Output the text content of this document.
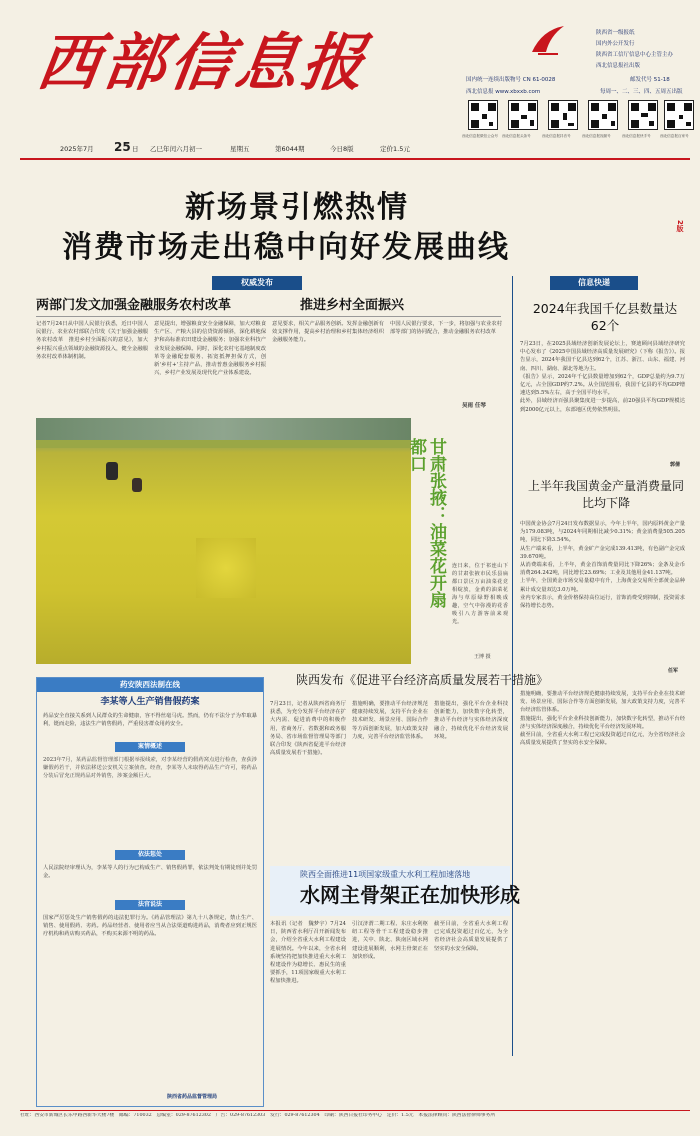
西部信息报	陕西省一级报纸
国内外公开发行
陕西省工信厅信息中心主管主办
西北信息报社出版
国内统一连续出版物号 CN 61-0028	邮发代号 51-18
西北信息报 www.xbxxb.com	每周一、二、三、四、五周五出版
2025年7月 25 日 乙巳年闰六月初一	星期五	第6044期	今日8版	定价1.5元
西北信息报微信公众号 西北信息报头条号	西北信息报抖音号	西北信息报视频号	西北信息报快手号	西北信息报百家号
新场景引燃热情
消费市场走出稳中向好发展曲线
2版
权威发布
两部门发文加强金融服务农村改革	推进乡村全面振兴
记者7月24日从中国人民银行获悉，近日中国人民银行、农业农村部联合印发《关于加强金融服务农村改革　推进乡村全面振兴的意见》，加大乡村振兴重点领域的金融资源投入，健全金融服务农村改革体制机制。
意见提出，增强粮食安全金融保障，加大对粮食生产区、产粮大县的信贷资源倾斜，深化耕地保护和高标准农田建设金融服务；加强农业科技产业发展金融保障。同时，深化农村宅基地制度改革等金融配套服务、拓宽抵押担保方式，创新'乡村+'主持产品，推动普惠金融服务乡村振兴，乡村产业发展及现代化产业体系建设。
意见要求，相关产品服务创新。发挥金融创新有效支撑作用，提高乡村治理和乡村集体经济组织金融服务能力。
中国人民银行要求，下一步，将加强与农业农村部等部门的协同配合，推动金融服务农村改革
吴雨 任琴
甘肃张掖：油菜花开扇都口
连日来，位于祁连山下的甘肃张掖市民乐县扁都口景区万亩油菜花竞相绽放，金黄的油菜花海与草原绿野相映成趣，空气中弥漫的花香吸引八方游客前来观光。
王博 摄
信息快递
2024年我国千亿县数量达62个

7月23日，在2025县域经济创新发展论坛上，赛迪顾问县域经济研究中心发布了《2025中国县域经济高质量发展研究》（下称《报告》）。报告显示，2024年我国千亿县达到62个，江苏、浙江、山东、福建、河南、四川、湖南、湖北等地为主。

《报告》显示，2024年千亿县数量增加到62个，GDP总量约为9.7万亿元，占全国GDP约7.2%。从全国范围看，我国千亿县的平均GDP增速达到5.5%左右，高于全国平均水平。

此外，县域经济百强县聚集度进一步提高，前20强县平均GDP规模达到2000亿元以上，东部地区优势依然明显。

郭倩
上半年我国黄金产量消费量同比均下降

中国黄金协会7月24日发布数据显示，今年上半年，国内原料黄金产量为179.083吨，与2024年同期相比减少0.31%；黄金消费量505.205吨，同比下降3.54%。

从生产端来看，上半年，黄金矿产金完成139.413吨，有色副产金完成39.670吨。

从消费端来看，上半年，黄金首饰消费量同比下降26%；金条及金币消费264.242吨，同比增长23.69%；工业及其他用金41.137吨。

上半年，全国黄金市场交易量稳中有升，上海黄金交易所全部黄金品种累计成交量双边3.0万吨。

业内专家表示，黄金价格保持高位运行，首饰消费受到抑制，投资需求保持增长态势。

任军

措施明确，要推动平台经济规范健康持续发展，支持平台企业在技术研发、场景应用、国际合作等方面创新发展，加大政策支持力度，完善平台经济监管体系。

措施提出，强化平台企业科技创新能力，加快数字化转型，推动平台经济与实体经济深度融合，持续优化平台经济发展环境。

截至目前，全省重大水利工程已完成投资超过百亿元，为全省经济社会高质量发展提供了坚实的水安全保障。

药安陕西法制在线
李某等人生产销售假药案
药品安全直接关系到人民群众的生命健康，容不得丝毫马虎。然而，仍有不法分子为牟取暴利，铤而走险，违法生产销售假药，严重侵害群众用药安全。
案情概述
2023年7月，某药品监督管理部门根据举报线索，对李某经营的假药窝点进行检查，查获涉嫌假药若干，并依法移送公安机关立案侦查。经查，李某等人未取得药品生产许可，将药品分装后冒充正规药品对外销售，涉案金额巨大。
依法惩处
人民法院经审理认为，李某等人的行为已构成生产、销售假药罪，依法判处有期徒刑并处罚金。
法官说法
国家严厉惩处生产销售假药的违法犯罪行为。《药品管理法》第九十八条规定，禁止生产、销售、使用假药、劣药。药品经营者、使用者应当从合法渠道购进药品，消费者应到正规医疗机构和药店购买药品，不购买来源不明的药品。
陕西省药品监督管理局
陕西发布《促进平台经济高质量发展若干措施》
7月23日，记者从陕西省商务厅获悉，为充分发挥平台经济在扩大内需、促进消费中的积极作用，省商务厅、省数据和政务服务局、省市场监督管理局等部门联合印发《陕西省促进平台经济高质量发展若干措施》。
措施明确，要推动平台经济规范健康持续发展，支持平台企业在技术研发、场景应用、国际合作等方面创新发展，加大政策支持力度，完善平台经济监管体系。
措施提出，强化平台企业科技创新能力，加快数字化转型，推动平台经济与实体经济深度融合，持续优化平台经济发展环境。
陕西全面推进11项国家级重大水利工程加速落地
水网主骨架正在加快形成
本报讯（记者　魏梦宇）7月24日，陕西省水利厅召开新闻发布会，介绍全省重大水利工程建设进展情况。今年以来，全省水利系统坚持把加快推进重大水利工程建设作为稳增长、惠民生的重要抓手，11项国家级重大水利工程加快推进。
引汉济渭二期工程、东庄水利枢纽工程等骨干工程建设稳步推进，关中、陕北、陕南区域水网建设进展顺利，水网主骨架正在加快形成。
截至目前，全省重大水利工程已完成投资超过百亿元，为全省经济社会高质量发展提供了坚实的水安全保障。
社址：西安市新城区长乐中路西新华大楼7楼　邮编：710032　总编室：029-87612302　广告：029-87612303　发行：029-87612304　印刷：陕西日报社印务中心　定价：1.5元　本报法律顾问：陕西法智律师事务所
